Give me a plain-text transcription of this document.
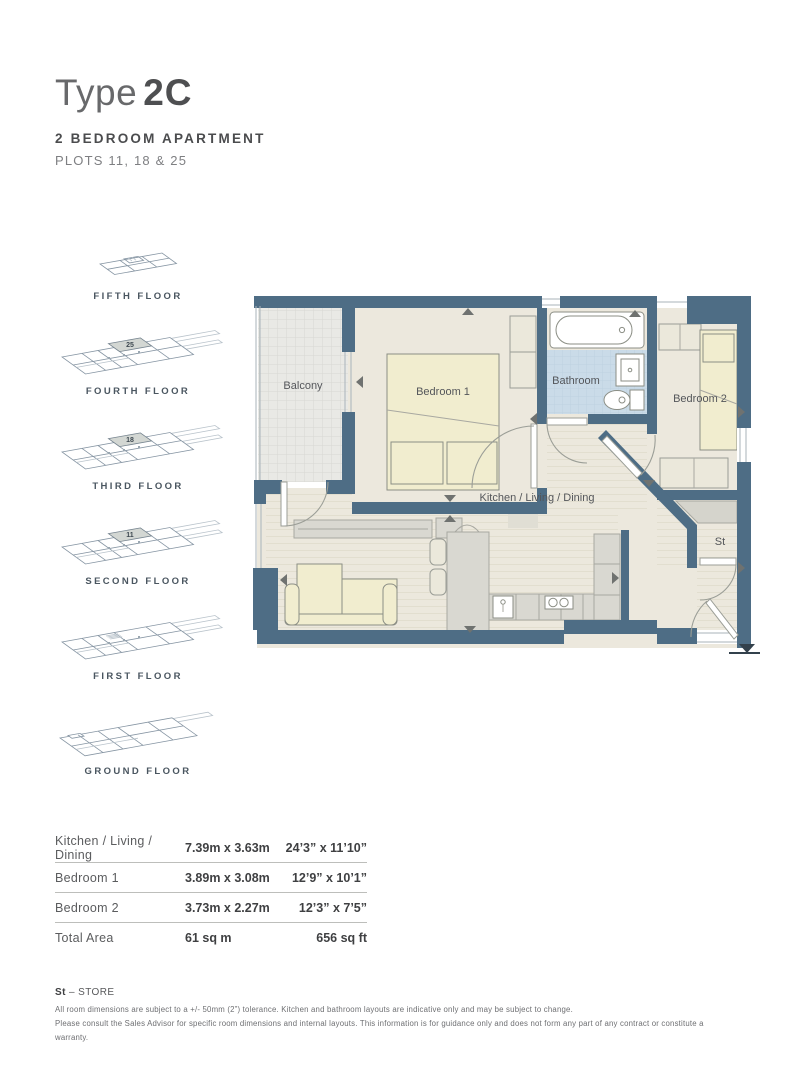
Type 2C
2 BEDROOM APARTMENT
PLOTS 11, 18 & 25
FIFTH FLOOR
25
FOURTH FLOOR
18
THIRD FLOOR
11
SECOND FLOOR
FIRST FLOOR
GROUND FLOOR
Balcony	Bedroom 1
Bathroom
Bedroom 2
Kitchen / Living / Dining
St
Kitchen / Living / Dining	7.39m x 3.63m	24’3” x 11’10”
Bedroom 1	3.89m x 3.08m	12’9” x 10’1”
Bedroom 2	3.73m x 2.27m	12’3” x 7’5”
Total Area	61 sq m	656 sq ft
St – STORE
All room dimensions are subject to a +/- 50mm (2”) tolerance. Kitchen and bathroom layouts are indicative only and may be subject to change.
Please consult the Sales Advisor for specific room dimensions and internal layouts. This information is for guidance only and does not form any part of any contract or constitute a warranty.
